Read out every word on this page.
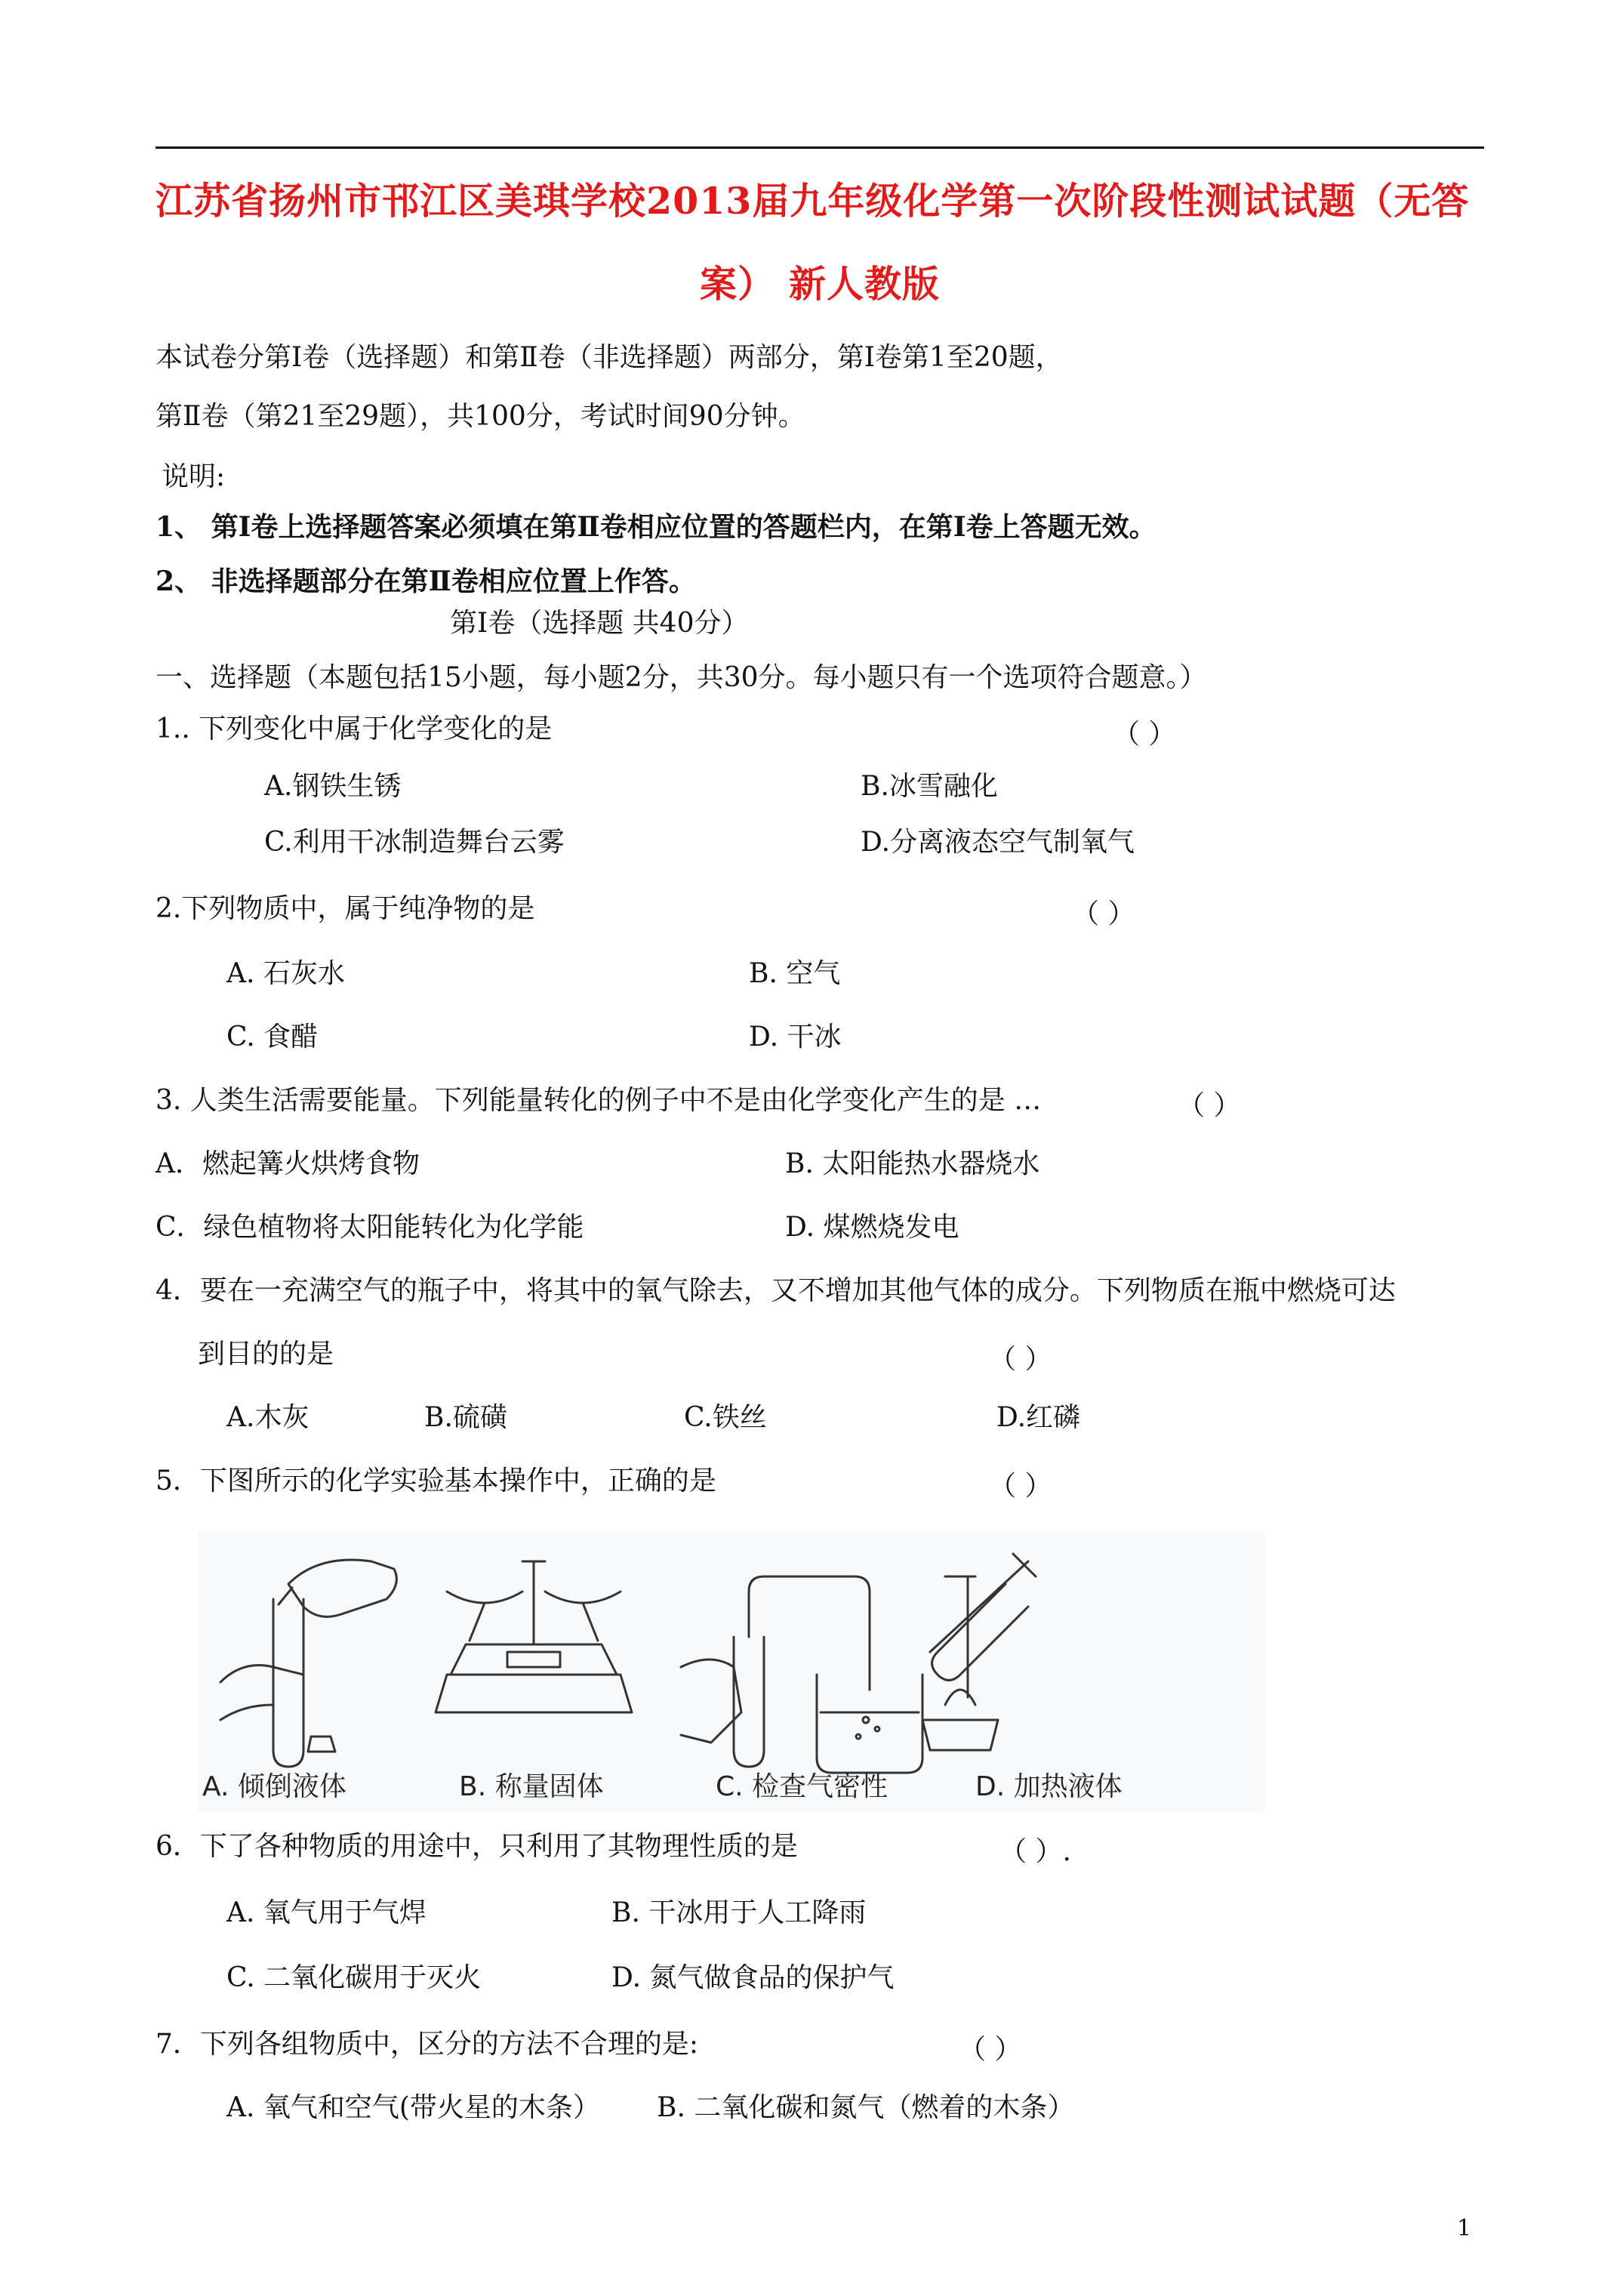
江苏省扬州市邗江区美琪学校2013届九年级化学第一次阶段性测试试题（无答
案） 新人教版
本试卷分第Ⅰ卷（选择题）和第Ⅱ卷（非选择题）两部分，第Ⅰ卷第1至20题，
第Ⅱ卷（第21至29题），共100分，考试时间90分钟。
说明:
1、 第Ⅰ卷上选择题答案必须填在第Ⅱ卷相应位置的答题栏内，在第Ⅰ卷上答题无效。
2、 非选择题部分在第Ⅱ卷相应位置上作答。
第Ⅰ卷（选择题 共40分）
一、选择题（本题包括15小题，每小题2分，共30分。每小题只有一个选项符合题意。）
1.. 下列变化中属于化学变化的是	（ ）
A.钢铁生锈	B.冰雪融化
C.利用干冰制造舞台云雾	D.分离液态空气制氧气
2.下列物质中，属于纯净物的是	（ ）
A. 石灰水	B. 空气
C. 食醋	D. 干冰
3. 人类生活需要能量。下列能量转化的例子中不是由化学变化产生的是 …	（ ）
A．燃起篝火烘烤食物	B. 太阳能热水器烧水
C．绿色植物将太阳能转化为化学能	D. 煤燃烧发电
4．要在一充满空气的瓶子中，将其中的氧气除去，又不增加其他气体的成分。下列物质在瓶中燃烧可达
到目的的是	（ ）
A.木灰	B.硫磺	C.铁丝	D.红磷
5．下图所示的化学实验基本操作中，正确的是	（ ）
A. 倾倒液体	B. 称量固体	C. 检查气密性	D. 加热液体
6．下了各种物质的用途中，只利用了其物理性质的是	（ ）.
A. 氧气用于气焊	B. 干冰用于人工降雨
C. 二氧化碳用于灭火	D. 氮气做食品的保护气
7．下列各组物质中，区分的方法不合理的是:	（ ）
A. 氧气和空气(带火星的木条） B. 二氧化碳和氮气（燃着的木条）
1
